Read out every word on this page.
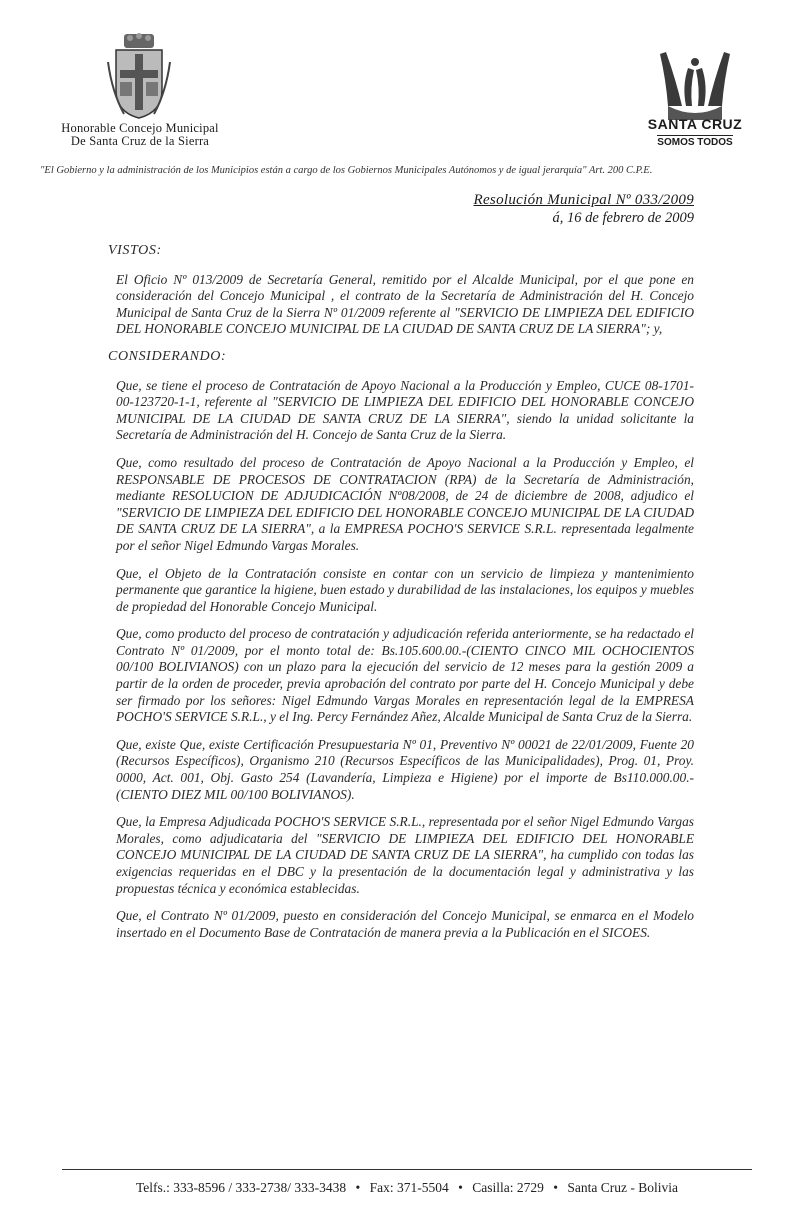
Honorable Concejo Municipal
De Santa Cruz de la Sierra
SANTA CRUZ
SOMOS TODOS
"El Gobierno y la administración de los Municipios están a cargo de los Gobiernos Municipales Autónomos y de igual jerarquía" Art. 200 C.P.E.
Resolución Municipal Nº 033/2009
á, 16 de febrero de 2009
VISTOS:
El Oficio Nº 013/2009 de Secretaría General, remitido por el Alcalde Municipal, por el que pone en consideración del Concejo Municipal , el contrato de la Secretaría de Administración del H. Concejo Municipal de Santa Cruz de la Sierra Nº 01/2009 referente al "SERVICIO DE LIMPIEZA DEL EDIFICIO DEL HONORABLE CONCEJO MUNICIPAL DE LA CIUDAD DE SANTA CRUZ DE LA SIERRA"; y,
CONSIDERANDO:
Que, se tiene el proceso de Contratación de Apoyo Nacional a la Producción y Empleo, CUCE 08-1701-00-123720-1-1, referente al "SERVICIO DE LIMPIEZA DEL EDIFICIO DEL HONORABLE CONCEJO MUNICIPAL DE LA CIUDAD DE SANTA CRUZ DE LA SIERRA", siendo la unidad solicitante la Secretaría de Administración del H. Concejo de Santa Cruz de la Sierra.
Que, como resultado del proceso de Contratación de Apoyo Nacional a la Producción y Empleo, el RESPONSABLE DE PROCESOS DE CONTRATACION (RPA) de la Secretaría de Administración, mediante RESOLUCION DE ADJUDICACIÓN Nº08/2008, de 24 de diciembre de 2008, adjudico el "SERVICIO DE LIMPIEZA DEL EDIFICIO DEL HONORABLE CONCEJO MUNICIPAL DE LA CIUDAD DE SANTA CRUZ DE LA SIERRA", a la EMPRESA POCHO'S SERVICE S.R.L. representada legalmente por el señor Nigel Edmundo Vargas Morales.
Que, el Objeto de la Contratación consiste en contar con un servicio de limpieza y mantenimiento permanente que garantice la higiene, buen estado y durabilidad de las instalaciones, los equipos y muebles de propiedad del Honorable Concejo Municipal.
Que, como producto del proceso de contratación y adjudicación referida anteriormente, se ha redactado el Contrato Nº 01/2009, por el monto total de: Bs.105.600.00.-(CIENTO CINCO MIL OCHOCIENTOS 00/100 BOLIVIANOS) con un plazo para la ejecución del servicio de 12 meses para la gestión 2009 a partir de la orden de proceder, previa aprobación del contrato por parte del H. Concejo Municipal y debe ser firmado por los señores: Nigel Edmundo Vargas Morales en representación legal de la EMPRESA POCHO'S SERVICE S.R.L., y el Ing. Percy Fernández Añez, Alcalde Municipal de Santa Cruz de la Sierra.
Que, existe Que, existe Certificación Presupuestaria Nº 01, Preventivo Nº 00021 de 22/01/2009, Fuente 20 (Recursos Específicos), Organismo 210 (Recursos Específicos de las Municipalidades), Prog. 01, Proy. 0000, Act. 001, Obj. Gasto 254 (Lavandería, Limpieza e Higiene) por el importe de Bs110.000.00.-(CIENTO DIEZ MIL 00/100 BOLIVIANOS).
Que, la Empresa Adjudicada POCHO'S SERVICE S.R.L., representada por el señor Nigel Edmundo Vargas Morales, como adjudicataria del "SERVICIO DE LIMPIEZA DEL EDIFICIO DEL HONORABLE CONCEJO MUNICIPAL DE LA CIUDAD DE SANTA CRUZ DE LA SIERRA", ha cumplido con todas las exigencias requeridas en el DBC y la presentación de la documentación legal y administrativa y las propuestas técnica y económica establecidas.
Que, el Contrato Nº 01/2009, puesto en consideración del Concejo Municipal, se enmarca en el Modelo insertado en el Documento Base de Contratación de manera previa a la Publicación en el SICOES.
Telfs.: 333-8596 / 333-2738/ 333-3438 • Fax: 371-5504 • Casilla: 2729 • Santa Cruz - Bolivia
